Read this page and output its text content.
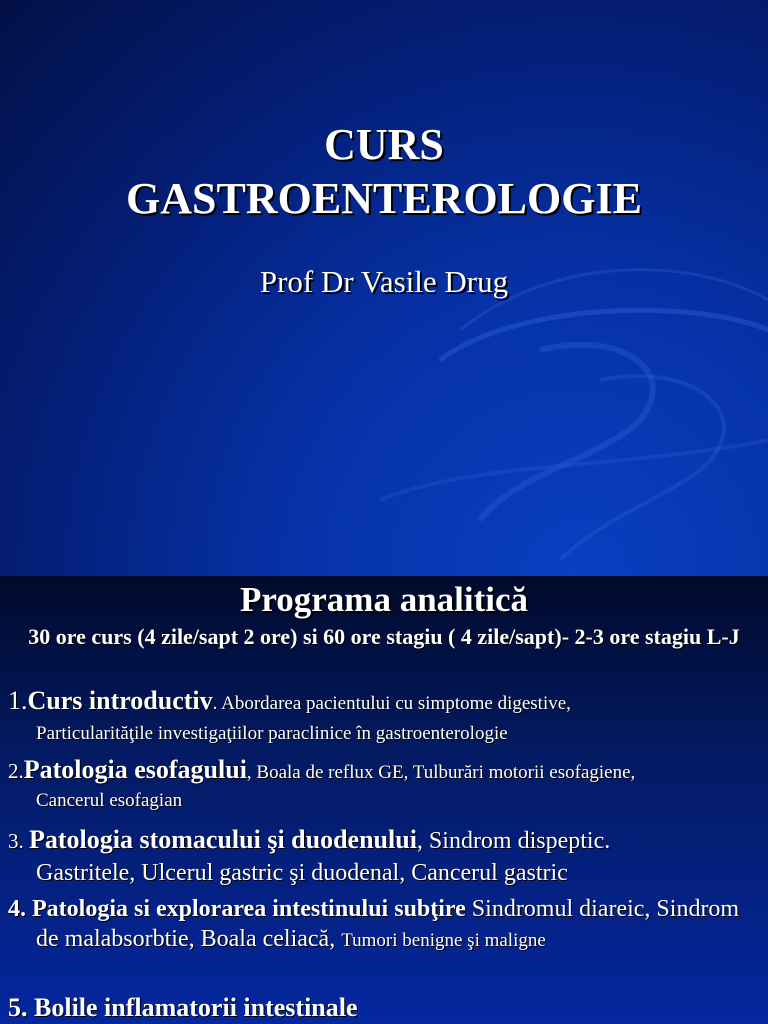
CURS
GASTROENTEROLOGIE
Prof Dr Vasile Drug
Programa analitică
30 ore curs (4 zile/sapt 2 ore) si 60 ore stagiu ( 4 zile/sapt)- 2-3 ore stagiu L-J
1.Curs introductiv. Abordarea pacientului cu simptome digestive,
Particularităţile investigaţiilor paraclinice în gastroenterologie
2.Patologia esofagului, Boala de reflux GE, Tulburări motorii esofagiene,
Cancerul esofagian
3. Patologia stomacului şi duodenului, Sindrom dispeptic.
Gastritele, Ulcerul gastric şi duodenal, Cancerul gastric
4. Patologia si explorarea intestinului subţire Sindromul diareic, Sindrom de malabsorbtie, Boala celiacă, Tumori benigne şi maligne
5. Bolile inflamatorii intestinale
